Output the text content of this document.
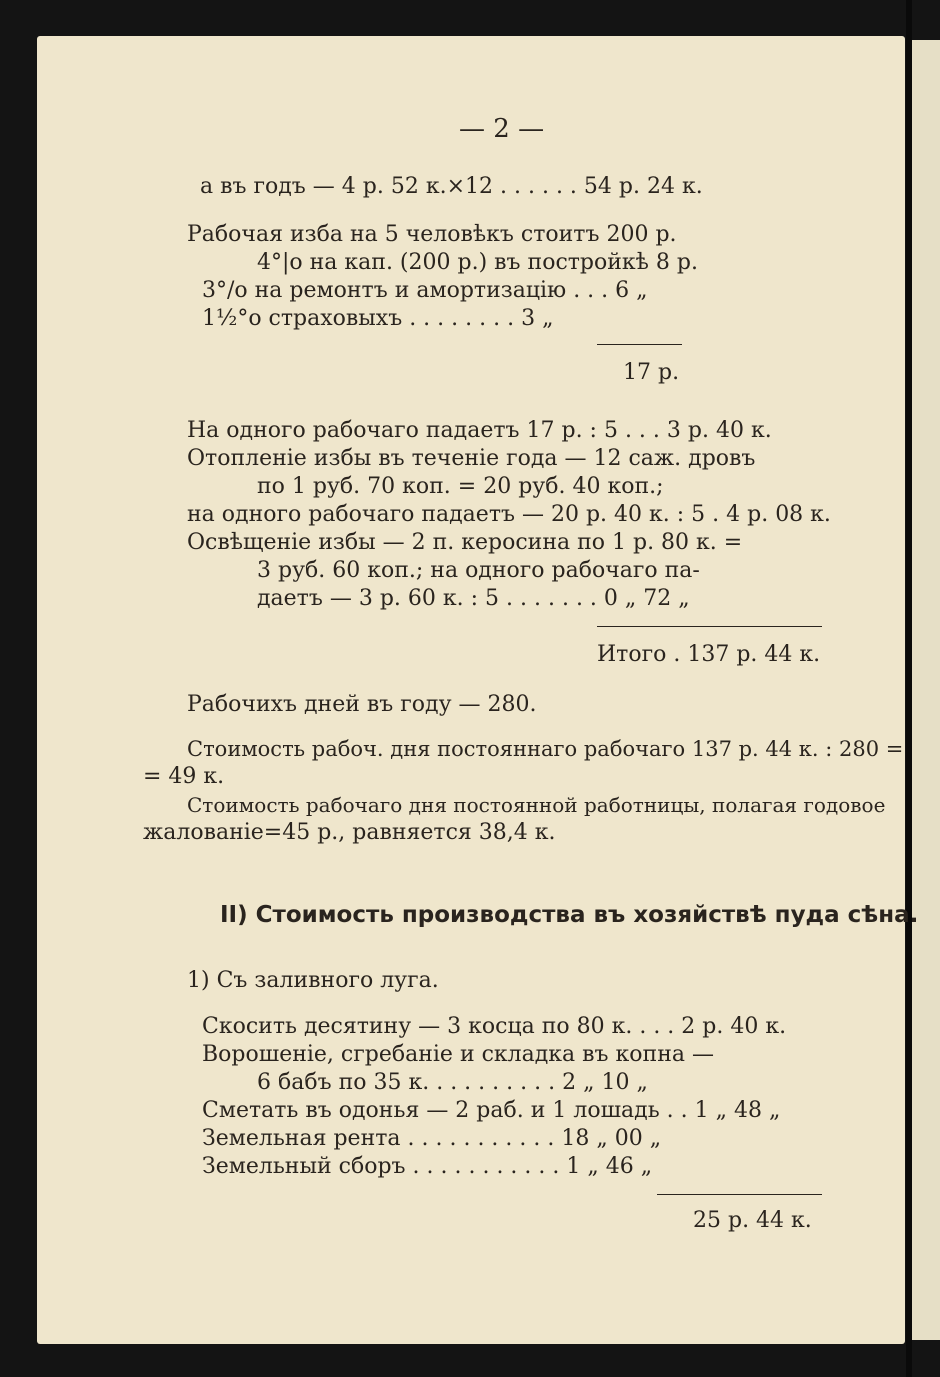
— 2 —
а въ годъ — 4 р. 52 к.×12 . . . . . . 54 р. 24 к.
Рабочая изба на 5 человѣкъ стоитъ 200 р.
4°|o на кап. (200 р.) въ постройкѣ 8 р.
3°/o на ремонтъ и амортизацію . . . 6 „
1½°o страховыхъ . . . . . . . . 3 „
17 р.
На одного рабочаго падаетъ 17 р. : 5 . . . 3 р. 40 к.
Отопленіе избы въ теченіе года — 12 саж. дровъ
по 1 руб. 70 коп. = 20 руб. 40 коп.;
на одного рабочаго падаетъ — 20 р. 40 к. : 5 . 4 р. 08 к.
Освѣщеніе избы — 2 п. керосина по 1 р. 80 к. =
3 руб. 60 коп.; на одного рабочаго па-
даетъ — 3 р. 60 к. : 5 . . . . . . . 0 „ 72 „
Итого . 137 р. 44 к.
Рабочихъ дней въ году — 280.
Стоимость рабоч. дня постояннаго рабочаго 137 р. 44 к. : 280 =
= 49 к.
Стоимость рабочаго дня постоянной работницы, полагая годовое
жалованіе=45 р., равняется 38,4 к.
II) Стоимость производства въ хозяйствѣ пуда сѣна.
1) Съ заливного луга.
Скосить десятину — 3 косца по 80 к. . . . 2 р. 40 к.
Ворошеніе, сгребаніе и складка въ копна —
6 бабъ по 35 к. . . . . . . . . . 2 „ 10 „
Сметать въ одонья — 2 раб. и 1 лошадь . . 1 „ 48 „
Земельная рента . . . . . . . . . . . 18 „ 00 „
Земельный сборъ . . . . . . . . . . . 1 „ 46 „
25 р. 44 к.
